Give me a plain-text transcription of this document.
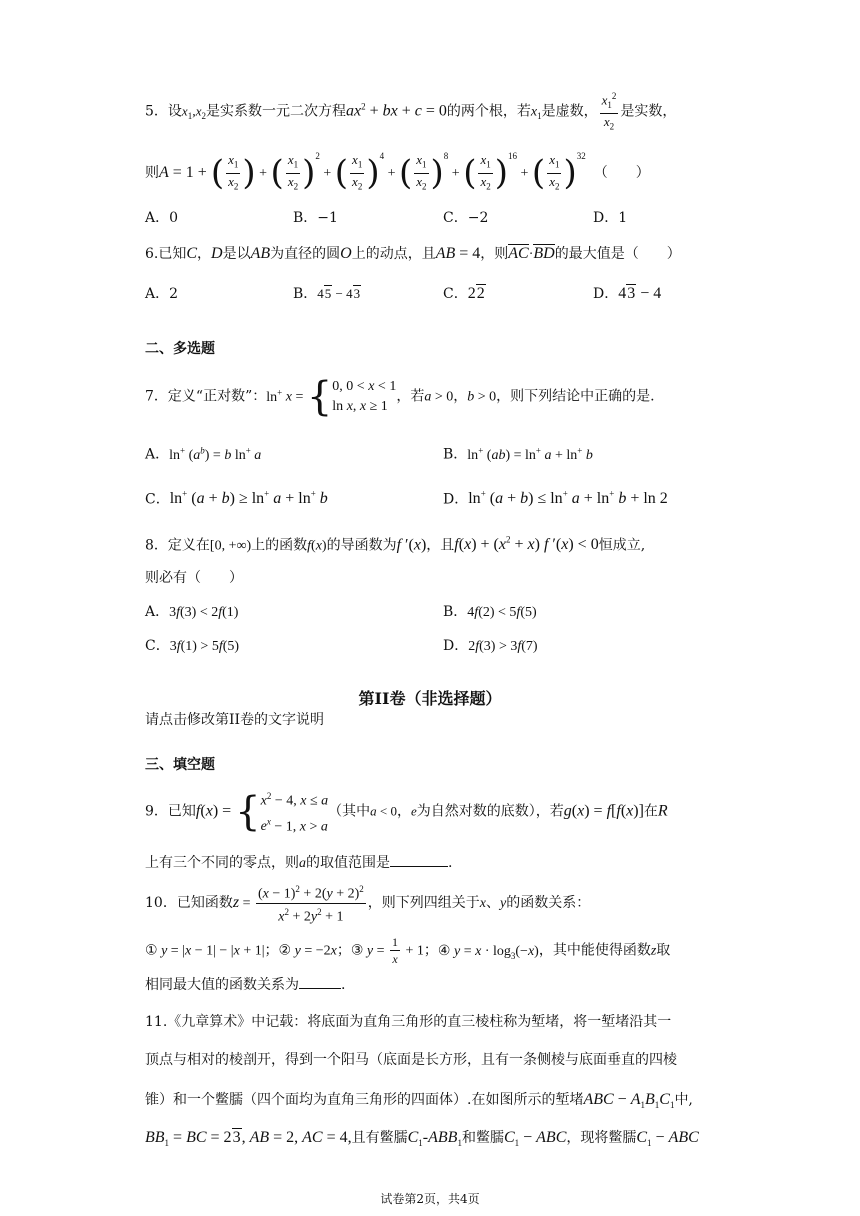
5．设$x_1,x_2$是实系数一元二次方程$ax^2$ + bx + c = 0的两个根，若$x_1$是虚数， $\frac{x_1^2}{x_2}$ 是实数，
则A = 1 + ( $\frac{x_1}{x_2}$ ) + ( $\frac{x_1}{x_2} )^2$ + ( $\frac{x_1}{x_2} )^4$ + ( $\frac{x_1}{x_2} )^8$ + ( $\frac{x_1}{x_2} )^{16}$ + ( $\frac{x_1}{x_2} )^{32}$（　　）
A．0	B．−1	C．−2	D．1
6.已知C，D是以AB为直径的圆O上的动点，且AB = 4，则AC·BD的最大值是（　　）
A．2	B．45 − 43	C．22	D．43 − 4
二、多选题
7．定义“正对数”：ln+ x = { 0, 0 < x < 1
ln x, x ≥ 1
，若a > 0，b > 0，则下列结论中正确的是.
A．$\ln^+ (a^b) = b$ ln+ a	B．ln+ (ab) = ln+ a + ln+ b
C．ln+ (a + b) ≥ ln+ a + ln+ b	D．ln+ (a + b) ≤ ln+ a + ln+ b + ln 2
8．定义在[0, +∞)上的函数f(x)的导函数为f ′(x)，且$f(x) + (x^2 + x)$ f ′(x) < 0恒成立,
则必有（　　）
A．3f(3) < 2f(1)	B．4f(2) < 5f(5)
C．3f(1) > 5f(5)	D．2f(3) > 3f(7)
第II卷（非选择题）
请点击修改第II卷的文字说明
三、填空题
9．已知f(x) = { $x^2 - 4$, x ≤ a
$e^x - 1$, x > a
（其中a < 0，e为自然对数的底数），若g(x) = f[f(x)]在R
上有三个不同的零点，则a的取值范围是	.
10．已知函数$z = \frac{(x - 1)^2 + 2(y + 2)^2}{x^2 + 2y^2 + 1}$ ，则下列四组关于x、y的函数关系：
① y = |x − 1| − |x + 1|；② y = −2x；③ $y = \frac{1}{x} + 1$；④ $y = x \cdot \log_3(-x)$，其中能使得函数z取
相同最大值的函数关系为	.
11.《九章算术》中记载：将底面为直角三角形的直三棱柱称为堑堵，将一堑堵沿其一
顶点与相对的棱剖开，得到一个阳马（底面是长方形，且有一条侧棱与底面垂直的四棱
锥）和一个鳖臑（四个面均为直角三角形的四面体）.在如图所示的堑堵ABC − $A_1B_1C_1$中,
$BB_1$ = BC = 23, AB = 2, AC = 4,且有鳖臑$C_1-ABB_1$和鳖臑$C_1$ − ABC，现将鳖臑$C_1$ − ABC
试卷第2页，共4页
